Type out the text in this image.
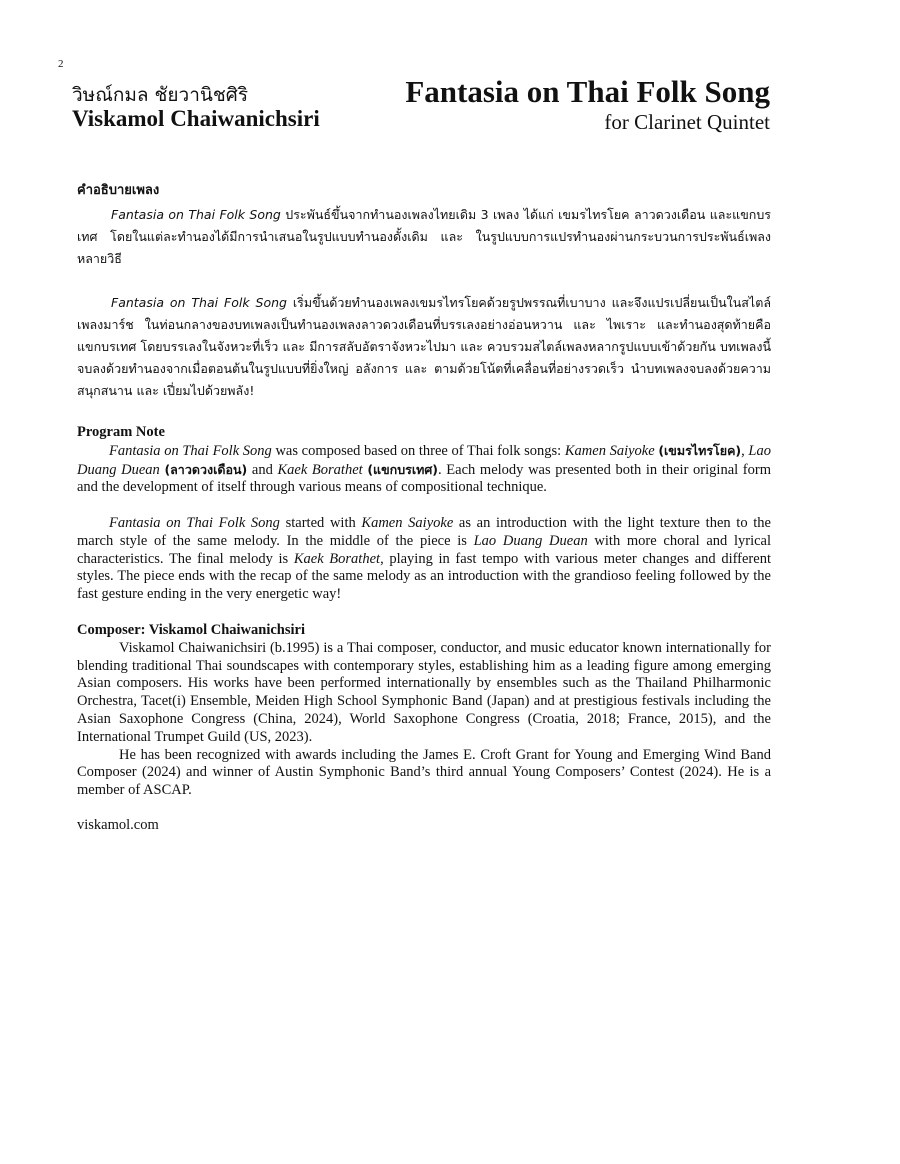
2
วิษณ์กมล ชัยวานิชศิริ
Viskamol Chaiwanichsiri
Fantasia on Thai Folk Song
for Clarinet Quintet
คำอธิบายเพลง

Fantasia on Thai Folk Song ประพันธ์ขึ้นจากทำนองเพลงไทยเดิม 3 เพลง ได้แก่ เขมรไทรโยค ลาวดวงเดือน และแขกบรเทศ โดยในแต่ละทำนองได้มีการนำเสนอในรูปแบบทำนองดั้งเดิม และ ในรูปแบบการแปรทำนองผ่านกระบวนการประพันธ์เพลงหลายวิธี

Fantasia on Thai Folk Song เริ่มขึ้นด้วยทำนองเพลงเขมรไทรโยคด้วยรูปพรรณที่เบาบาง และจึงแปรเปลี่ยนเป็นในสไตล์เพลงมาร์ช ในท่อนกลางของบทเพลงเป็นทำนองเพลงลาวดวงเดือนที่บรรเลงอย่างอ่อนหวาน และ ไพเราะ และทำนองสุดท้ายคือ แขกบรเทศ โดยบรรเลงในจังหวะที่เร็ว และ มีการสลับอัตราจังหวะไปมา และ ควบรวมสไตล์เพลงหลากรูปแบบเข้าด้วยกัน บทเพลงนี้จบลงด้วยทำนองจากเมื่อตอนต้นในรูปแบบที่ยิ่งใหญ่ อลังการ และ ตามด้วยโน้ตที่เคลื่อนที่อย่างรวดเร็ว นำบทเพลงจบลงด้วยความสนุกสนาน และ เปี่ยมไปด้วยพลัง!

Program Note

Fantasia on Thai Folk Song was composed based on three of Thai folk songs: Kamen Saiyoke (เขมรไทรโยค), Lao Duang Duean (ลาวดวงเดือน) and Kaek Borathet (แขกบรเทศ). Each melody was presented both in their original form and the development of itself through various means of compositional technique.

Fantasia on Thai Folk Song started with Kamen Saiyoke as an introduction with the light texture then to the march style of the same melody. In the middle of the piece is Lao Duang Duean with more choral and lyrical characteristics. The final melody is Kaek Borathet, playing in fast tempo with various meter changes and different styles. The piece ends with the recap of the same melody as an introduction with the grandioso feeling followed by the fast gesture ending in the very energetic way!

Composer: Viskamol Chaiwanichsiri

Viskamol Chaiwanichsiri (b.1995) is a Thai composer, conductor, and music educator known internationally for blending traditional Thai soundscapes with contemporary styles, establishing him as a leading figure among emerging Asian composers. His works have been performed internationally by ensembles such as the Thailand Philharmonic Orchestra, Tacet(i) Ensemble, Meiden High School Symphonic Band (Japan) and at prestigious festivals including the Asian Saxophone Congress (China, 2024), World Saxophone Congress (Croatia, 2018; France, 2015), and the International Trumpet Guild (US, 2023).

He has been recognized with awards including the James E. Croft Grant for Young and Emerging Wind Band Composer (2024) and winner of Austin Symphonic Band’s third annual Young Composers’ Contest (2024). He is a member of ASCAP.

viskamol.com
